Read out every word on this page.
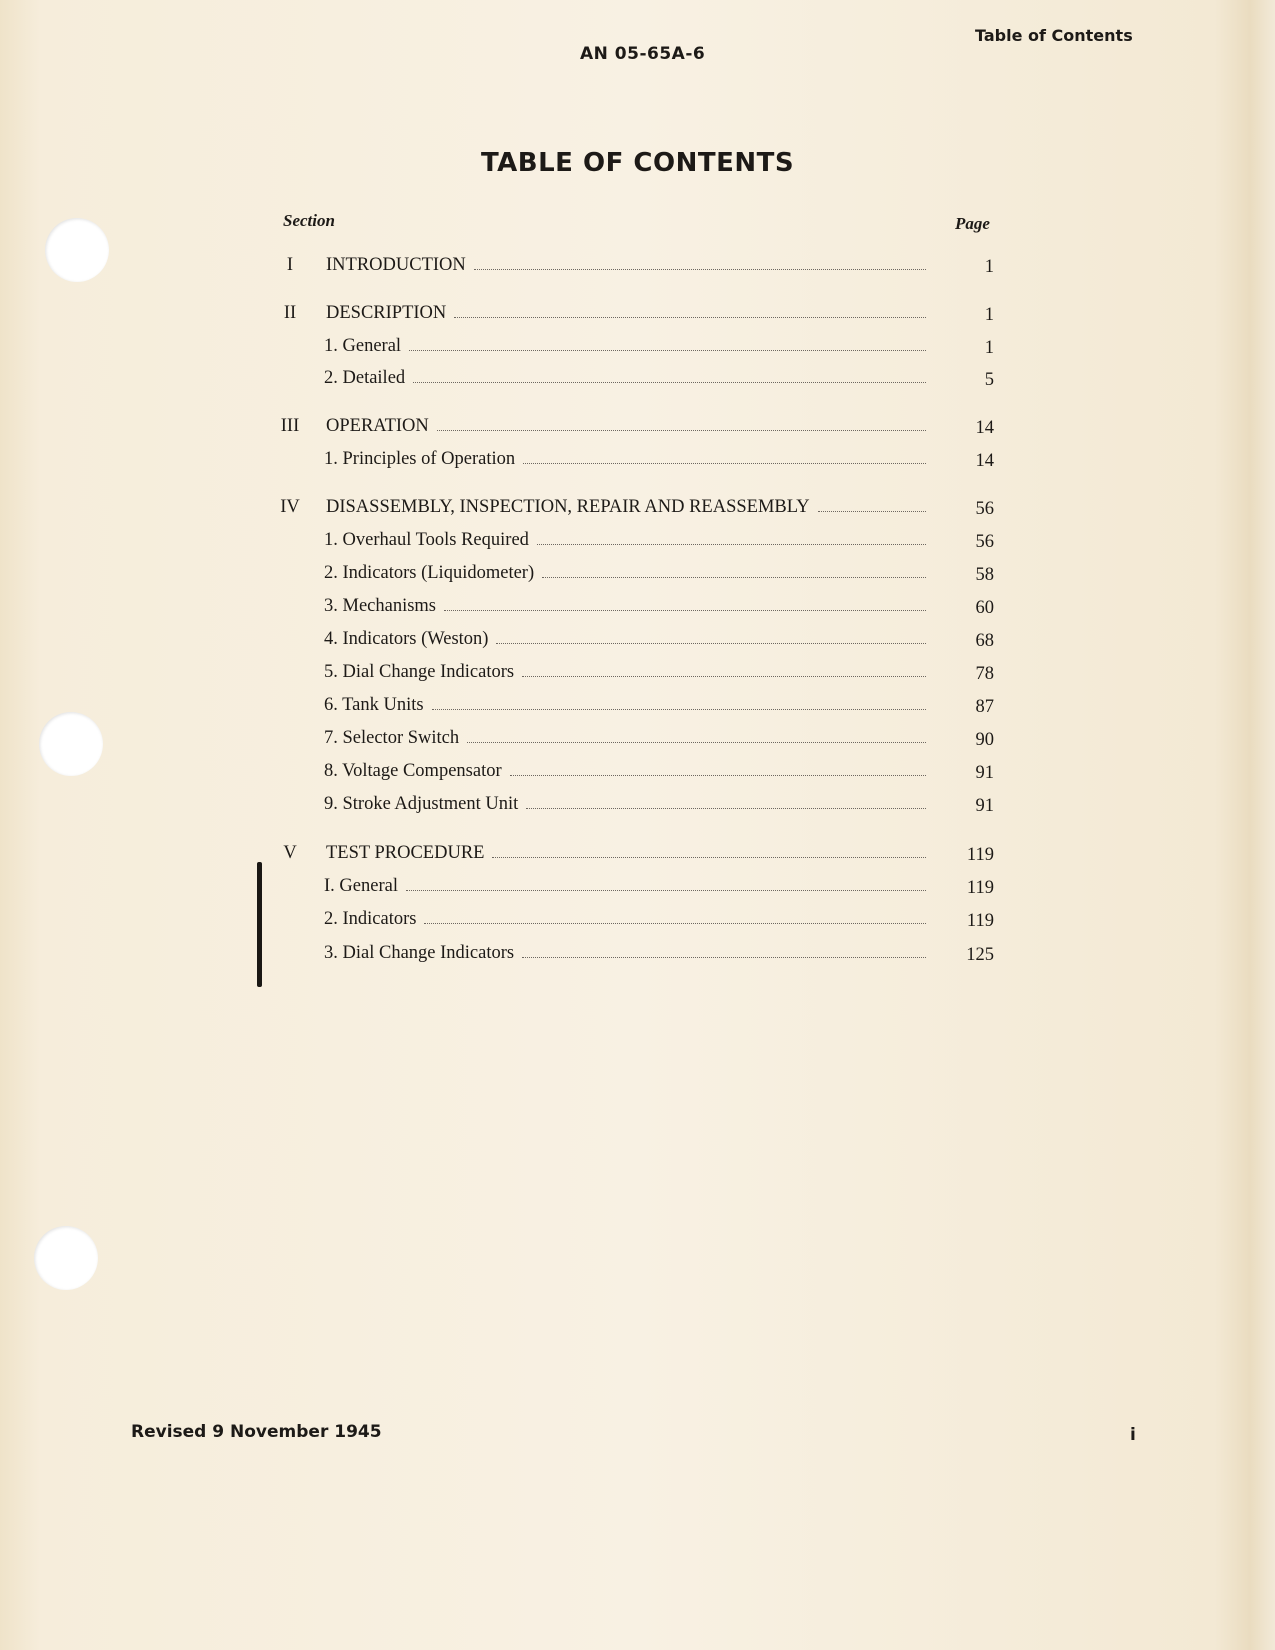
AN 05-65A-6
Table of Contents
TABLE OF CONTENTS
Section	Page
I	INTRODUCTION	1
II	DESCRIPTION	1
1. General	1
2. Detailed	5
III	OPERATION	14
1. Principles of Operation	14
IV	DISASSEMBLY, INSPECTION, REPAIR AND REASSEMBLY	56
1. Overhaul Tools Required	56
2. Indicators (Liquidometer)	58
3. Mechanisms	60
4. Indicators (Weston)	68
5. Dial Change Indicators	78
6. Tank Units	87
7. Selector Switch	90
8. Voltage Compensator	91
9. Stroke Adjustment Unit	91
V	TEST PROCEDURE	119
I. General	119
2. Indicators	119
3. Dial Change Indicators	125
Revised 9 November 1945	i
